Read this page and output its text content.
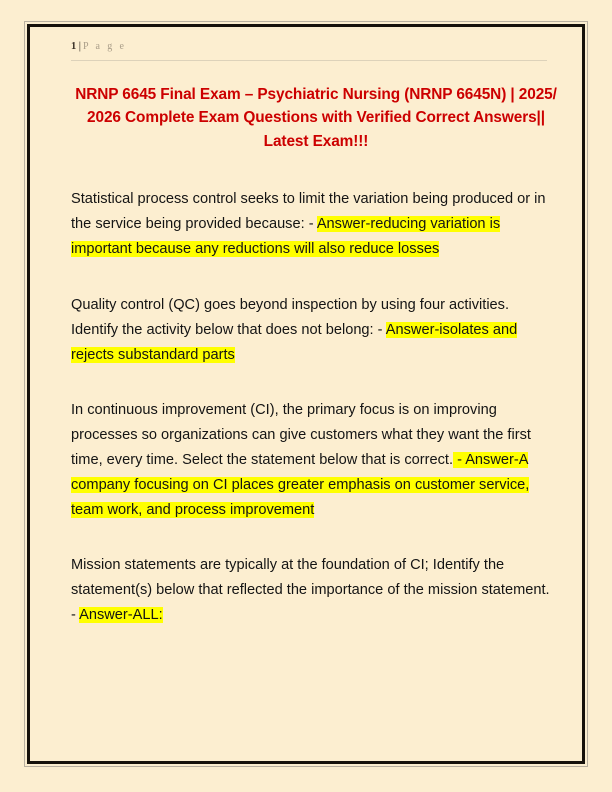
1 | P a g e
NRNP 6645 Final Exam – Psychiatric Nursing (NRNP 6645N) | 2025/ 2026 Complete Exam Questions with Verified Correct Answers|| Latest Exam!!!

Statistical process control seeks to limit the variation being produced or in the service being provided because: - Answer-reducing variation is important because any reductions will also reduce losses

Quality control (QC) goes beyond inspection by using four activities. Identify the activity below that does not belong: - Answer-isolates and rejects substandard parts

In continuous improvement (CI), the primary focus is on improving processes so organizations can give customers what they want the first time, every time. Select the statement below that is correct. - Answer-A company focusing on CI places greater emphasis on customer service, team work, and process improvement

Mission statements are typically at the foundation of CI; Identify the statement(s) below that reflected the importance of the mission statement. - Answer-ALL:
